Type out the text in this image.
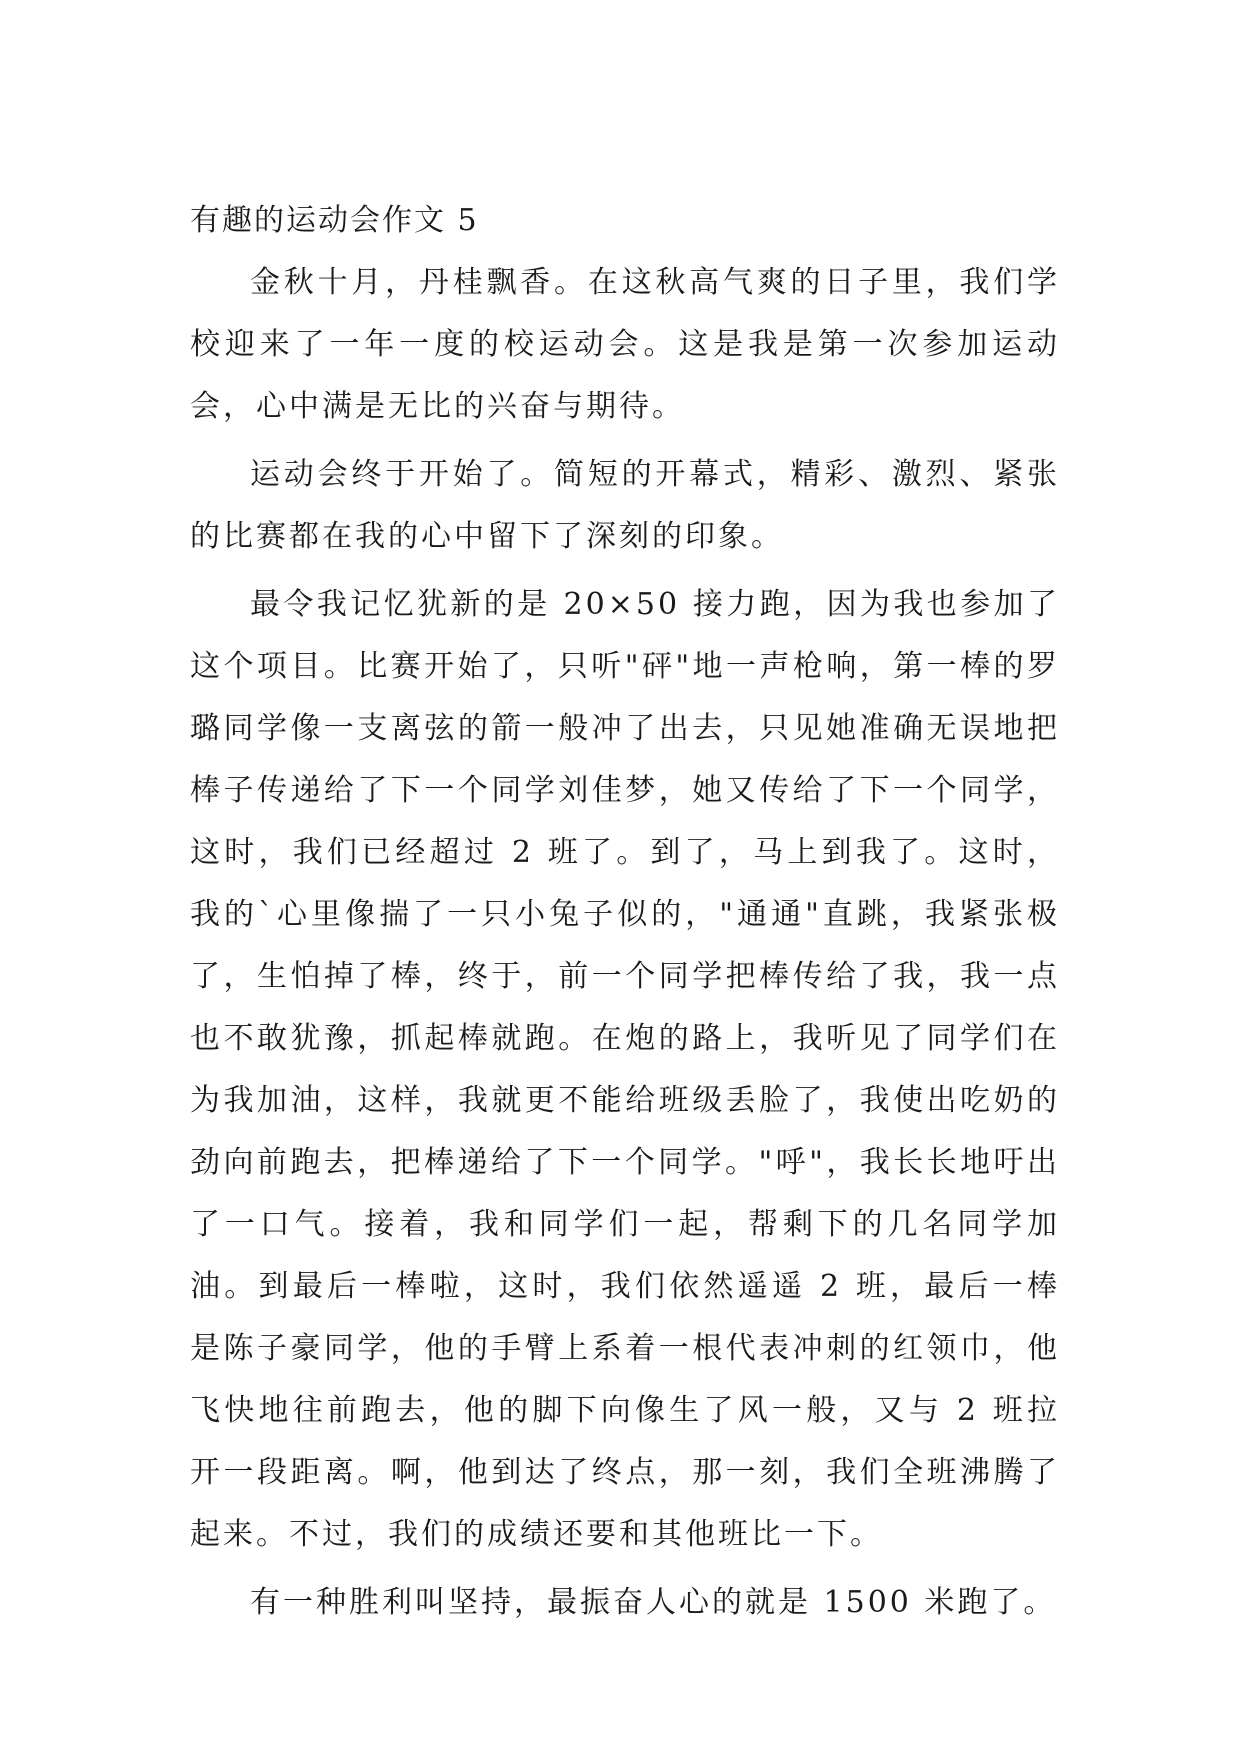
有趣的运动会作文 5

金秋十月，丹桂飘香。在这秋高气爽的日子里，我们学校迎来了一年一度的校运动会。这是我是第一次参加运动会，心中满是无比的兴奋与期待。

运动会终于开始了。简短的开幕式，精彩、激烈、紧张的比赛都在我的心中留下了深刻的印象。

最令我记忆犹新的是 20×50 接力跑，因为我也参加了这个项目。比赛开始了，只听"砰"地一声枪响，第一棒的罗璐同学像一支离弦的箭一般冲了出去，只见她准确无误地把棒子传递给了下一个同学刘佳梦，她又传给了下一个同学，这时，我们已经超过 2 班了。到了，马上到我了。这时，我的`心里像揣了一只小兔子似的，"通通"直跳，我紧张极了，生怕掉了棒，终于，前一个同学把棒传给了我，我一点也不敢犹豫，抓起棒就跑。在炮的路上，我听见了同学们在为我加油，这样，我就更不能给班级丢脸了，我使出吃奶的劲向前跑去，把棒递给了下一个同学。"呼"，我长长地吁出了一口气。接着，我和同学们一起，帮剩下的几名同学加油。到最后一棒啦，这时，我们依然遥遥 2 班，最后一棒是陈子豪同学，他的手臂上系着一根代表冲刺的红领巾，他飞快地往前跑去，他的脚下向像生了风一般，又与 2 班拉开一段距离。啊，他到达了终点，那一刻，我们全班沸腾了起来。不过，我们的成绩还要和其他班比一下。

有一种胜利叫坚持，最振奋人心的就是 1500 米跑了。
